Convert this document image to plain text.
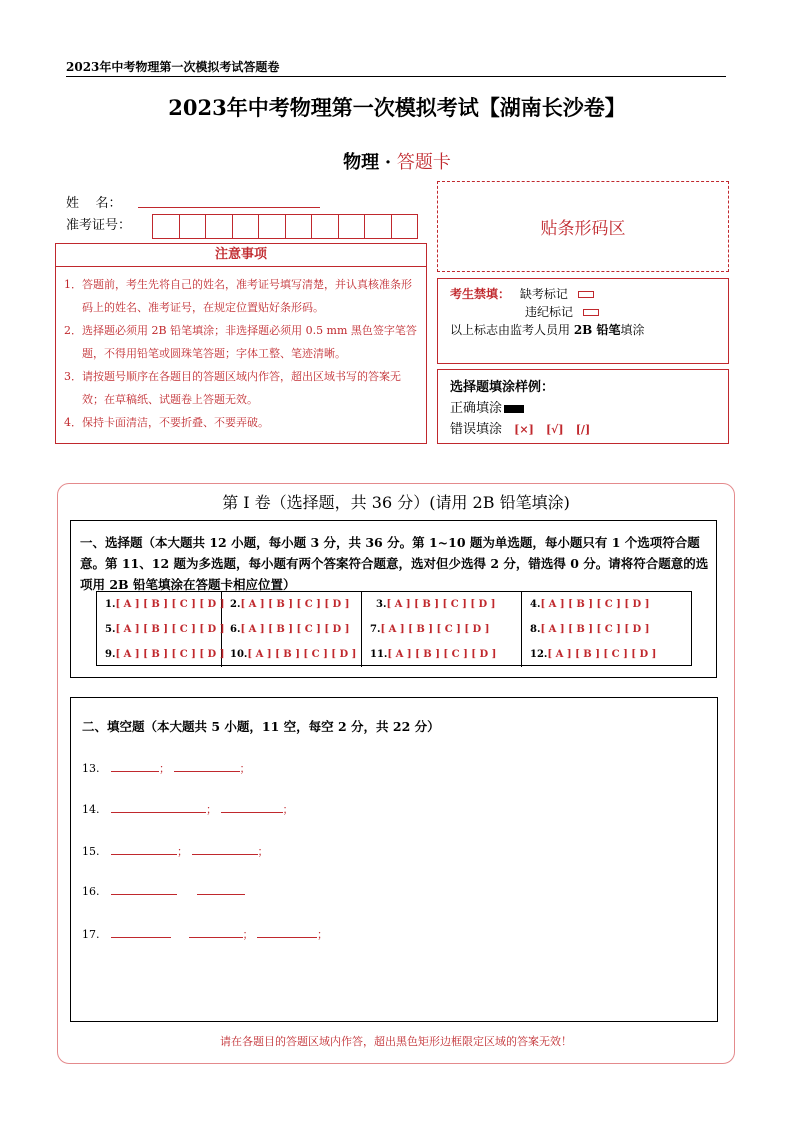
2023年中考物理第一次模拟考试答题卷
2023年中考物理第一次模拟考试【湖南长沙卷】
物理 · 答题卡
姓    名：
准考证号：
注意事项
1．答题前，考生先将自己的姓名，准考证号填写清楚，并认真核准条形码上的姓名、准考证号，在规定位置贴好条形码。
2．选择题必须用 2B 铅笔填涂；非选择题必须用 0.5 mm 黑色签字笔答题，不得用铅笔或圆珠笔答题；字体工整、笔迹清晰。
3．请按题号顺序在各题目的答题区域内作答，超出区域书写的答案无效；在草稿纸、试题卷上答题无效。
4．保持卡面清洁，不要折叠、不要弄破。
贴条形码区
考生禁填： 缺考标记
违纪标记
以上标志由监考人员用 2B 铅笔填涂
选择题填涂样例：
正确填涂
错误填涂 [×] [√] [/]
第 I 卷（选择题，共 36 分）(请用 2B 铅笔填涂)
一、选择题（本大题共 12 小题，每小题 3 分，共 36 分。第 1~10 题为单选题，每小题只有 1 个选项符合题意。第 11、12 题为多选题，每小题有两个答案符合题意，选对但少选得 2 分，错选得 0 分。请将符合题意的选项用 2B 铅笔填涂在答题卡相应位置）
1.[ A ] [ B ] [ C ] [ D ] 2.[ A ] [ B ] [ C ] [ D ]	3.[ A ] [ B ] [ C ] [ D ]	4.[ A ] [ B ] [ C ] [ D ]
5.[ A ] [ B ] [ C ] [ D ] 6.[ A ] [ B ] [ C ] [ D ]	7.[ A ] [ B ] [ C ] [ D ]	8.[ A ] [ B ] [ C ] [ D ]
9.[ A ] [ B ] [ C ] [ D ] 10.[ A ] [ B ] [ C ] [ D ]	11.[ A ] [ B ] [ C ] [ D ]	12.[ A ] [ B ] [ C ] [ D ]
二、填空题（本大题共 5 小题，11 空，每空 2 分，共 22 分）
13.	；	；
14.	；	；
15.	；	；
16.
17.	；	；
请在各题目的答题区域内作答，超出黑色矩形边框限定区域的答案无效！
